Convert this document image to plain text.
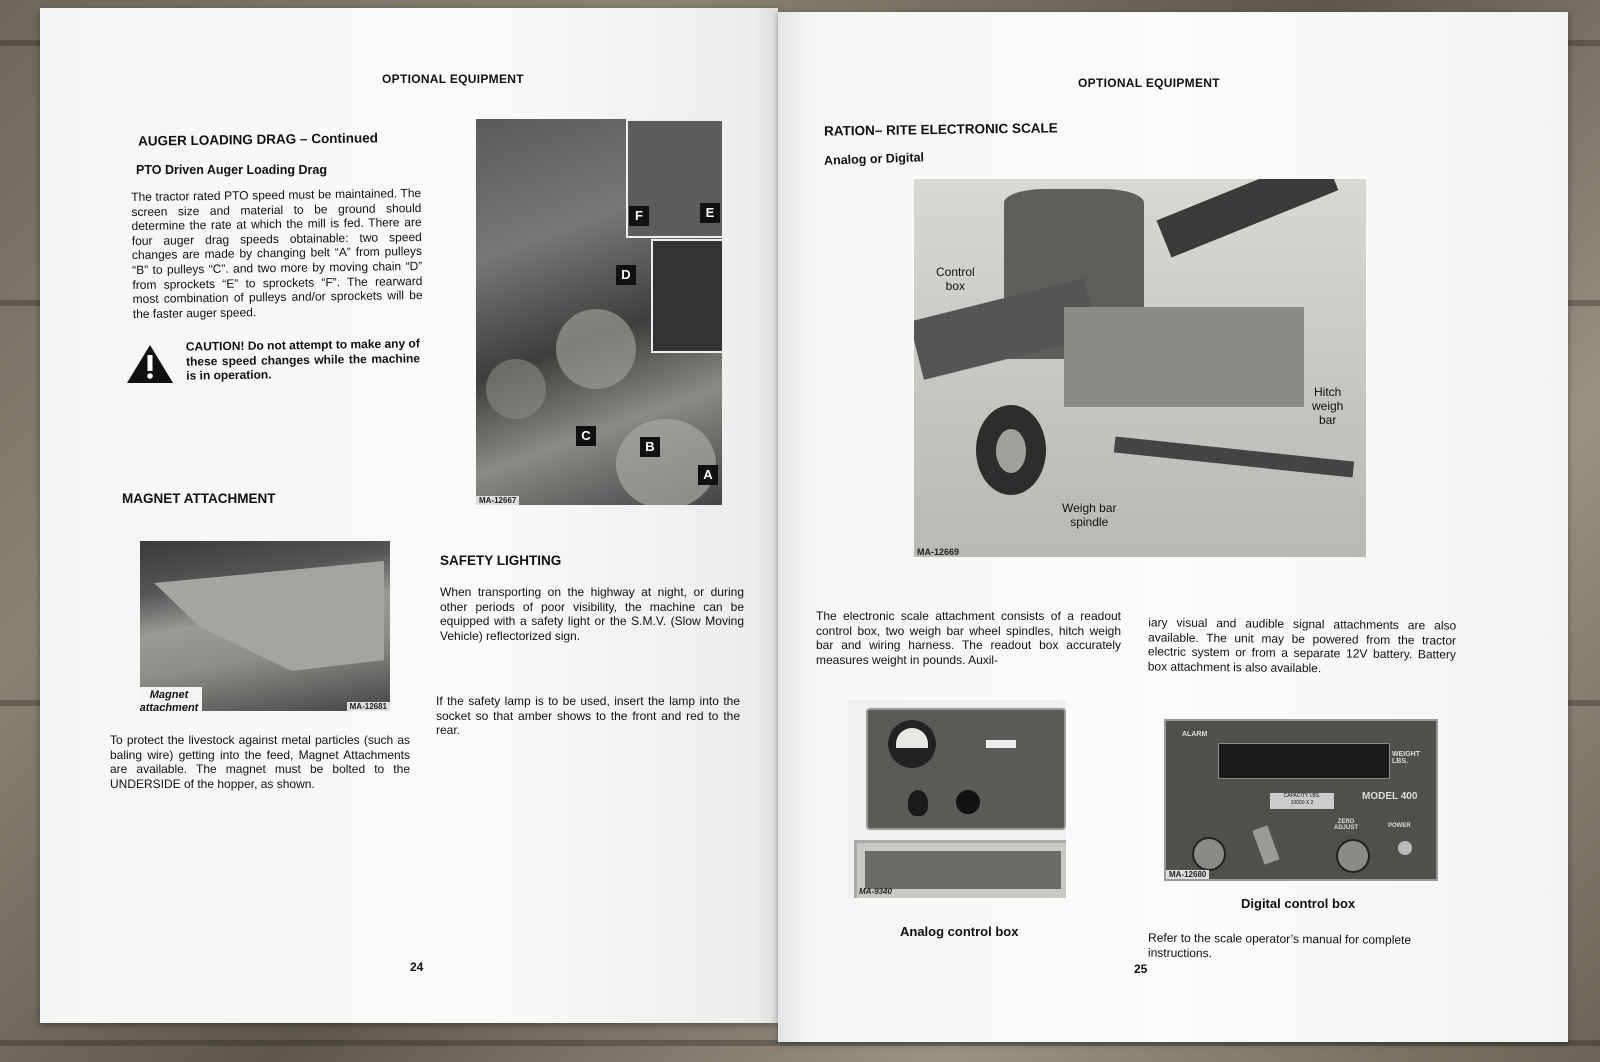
OPTIONAL EQUIPMENT
AUGER LOADING DRAG – Continued
PTO Driven Auger Loading Drag

The tractor rated PTO speed must be maintained. The screen size and material to be ground should determine the rate at which the mill is fed. There are four auger drag speeds obtainable: two speed changes are made by changing belt “A” from pulleys “B” to pulleys “C”. and two more by moving chain “D” from sprockets “E” to sprockets “F”. The rearward most combination of pulleys and/or sprockets will be the faster auger speed.

CAUTION! Do not attempt to make any of these speed changes while the machine is in operation.

F	E
D
C
B
A
MA-12667
MAGNET ATTACHMENT
Magnet
attachment	MA-12681

To protect the livestock against metal particles (such as baling wire) getting into the feed, Magnet Attachments are available. The magnet must be bolted to the UNDERSIDE of the hopper, as shown.

SAFETY LIGHTING

When transporting on the highway at night, or during other periods of poor visibility, the machine can be equipped with a safety light or the S.M.V. (Slow Moving Vehicle) reflectorized sign.

If the safety lamp is to be used, insert the lamp into the socket so that amber shows to the front and red to the rear.

24
OPTIONAL EQUIPMENT
RATION– RITE ELECTRONIC SCALE
Analog or Digital
Control
box
Hitch
weigh
bar
Weigh bar
spindle
MA-12669

The electronic scale attachment consists of a readout control box, two weigh bar wheel spindles, hitch weigh bar and wiring harness. The readout box accurately measures weight in pounds. Auxil-

iary visual and audible signal attachments are also available. The unit may be powered from the tractor electric system or from a separate 12V battery. Battery box attachment is also available.

MA-9340
Analog control box
ALARM
WEIGHT LBS.
CAPACITY LBS.
10000 X 2
MODEL 400
ZERO
ADJUST	POWER
MA-12680
Digital control box

Refer to the scale operator’s manual for complete instructions.

25
